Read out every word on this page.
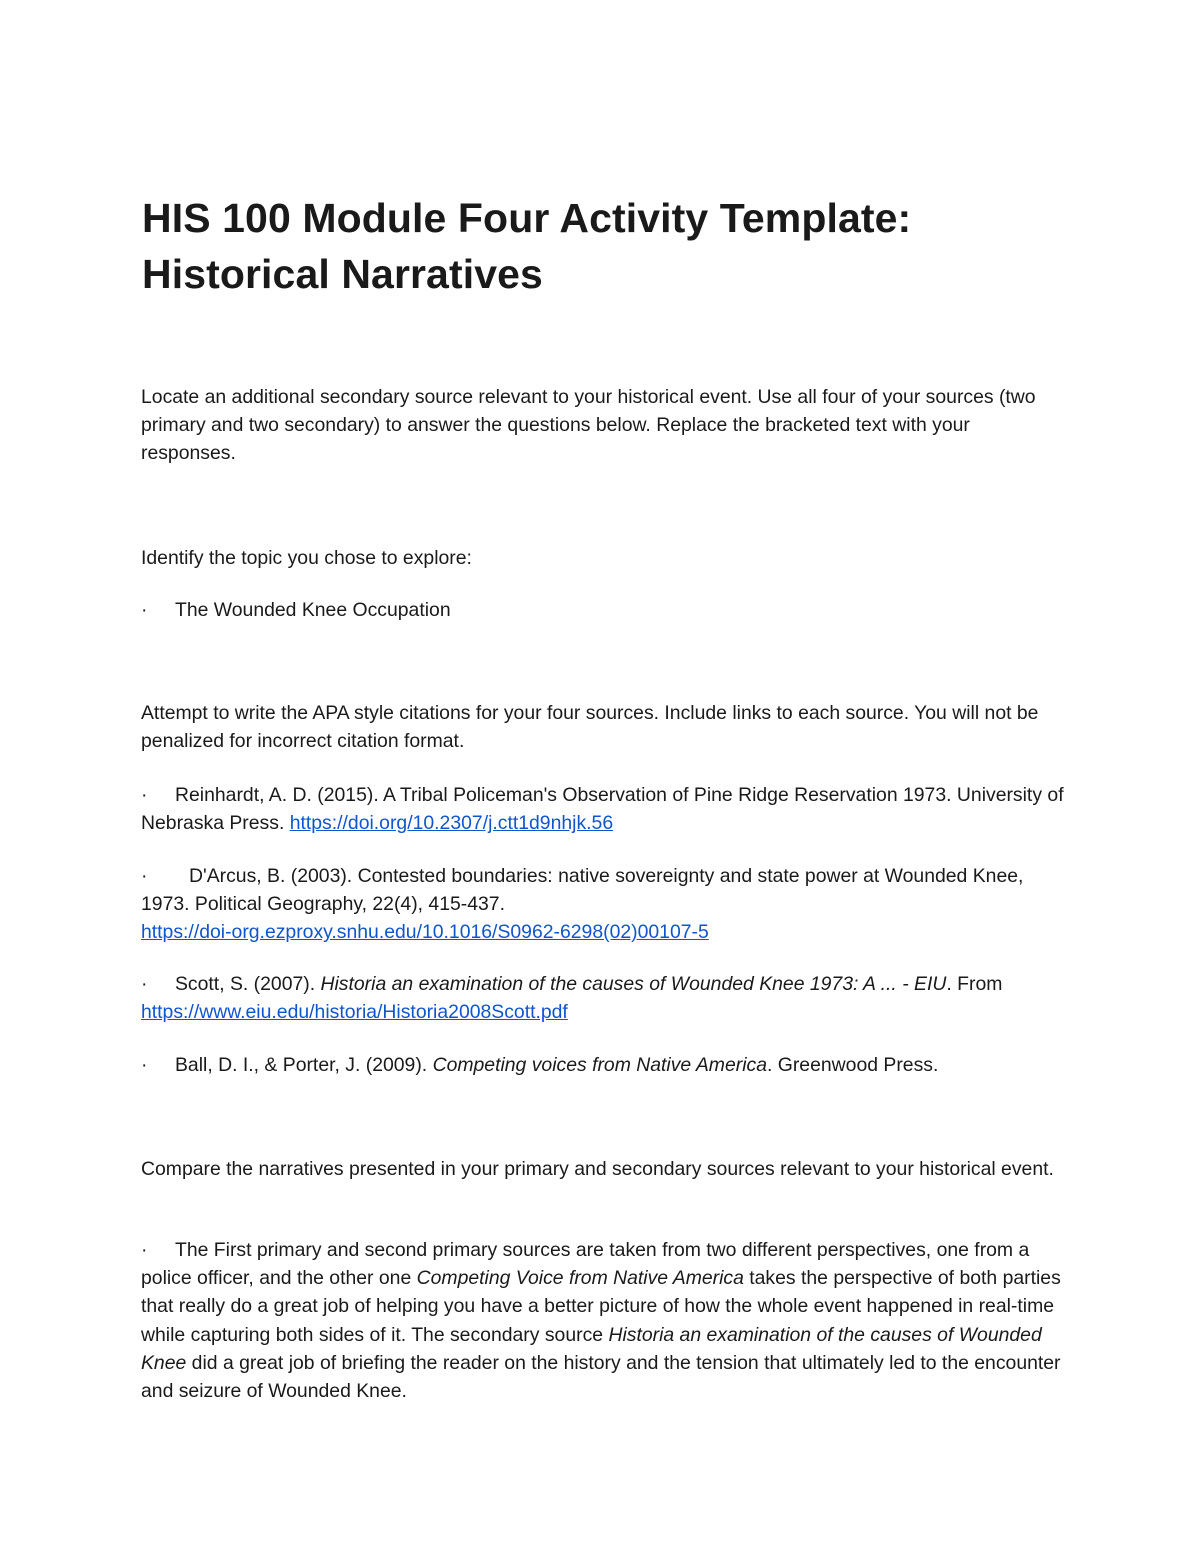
HIS 100 Module Four Activity Template:
Historical Narratives

Locate an additional secondary source relevant to your historical event. Use all four of your sources (two primary and two secondary) to answer the questions below. Replace the bracketed text with your responses.

Identify the topic you chose to explore:

· The Wounded Knee Occupation

Attempt to write the APA style citations for your four sources. Include links to each source. You will not be penalized for incorrect citation format.

· Reinhardt, A. D. (2015). A Tribal Policeman's Observation of Pine Ridge Reservation 1973. University of Nebraska Press. https://doi.org/10.2307/j.ctt1d9nhjk.56

· D'Arcus, B. (2003). Contested boundaries: native sovereignty and state power at Wounded Knee, 1973. Political Geography, 22(4), 415-437.
https://doi-org.ezproxy.snhu.edu/10.1016/S0962-6298(02)00107-5

· Scott, S. (2007). Historia an examination of the causes of Wounded Knee 1973: A ... - EIU. From https://www.eiu.edu/historia/Historia2008Scott.pdf

· Ball, D. I., & Porter, J. (2009). Competing voices from Native America. Greenwood Press.

Compare the narratives presented in your primary and secondary sources relevant to your historical event.

· The First primary and second primary sources are taken from two different perspectives, one from a police officer, and the other one Competing Voice from Native America takes the perspective of both parties that really do a great job of helping you have a better picture of how the whole event happened in real-time while capturing both sides of it. The secondary source Historia an examination of the causes of Wounded Knee did a great job of briefing the reader on the history and the tension that ultimately led to the encounter and seizure of Wounded Knee.
